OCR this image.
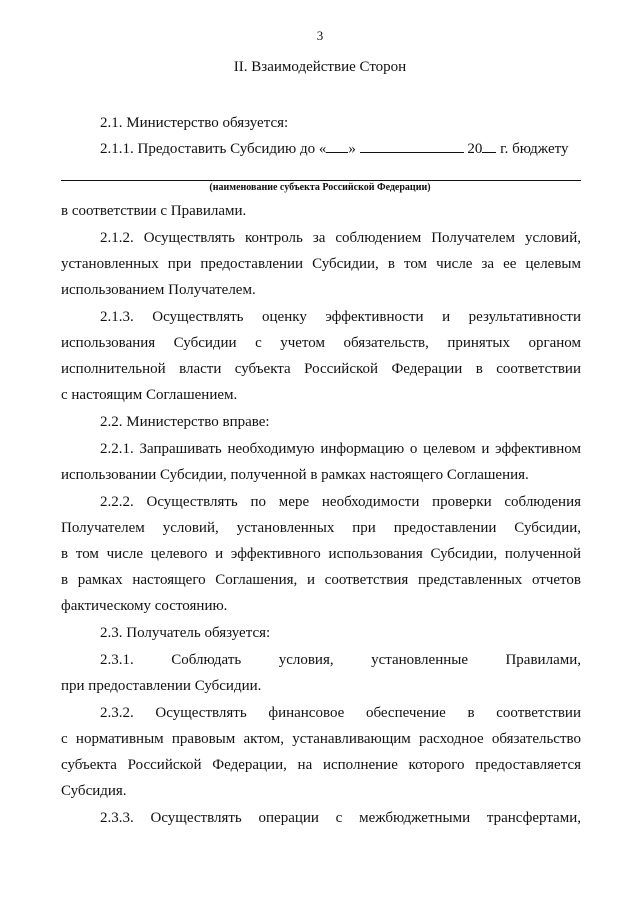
3
II. Взаимодействие Сторон
2.1. Министерство обязуется:
2.1.1. Предоставить Субсидию до « »	20 г. бюджету
(наименование субъекта Российской Федерации)
в соответствии с Правилами.
2.1.2. Осуществлять контроль за соблюдением Получателем условий,
установленных при предоставлении Субсидии, в том числе за ее целевым
использованием Получателем.
2.1.3. Осуществлять оценку эффективности и результативности
использования Субсидии с учетом обязательств, принятых органом
исполнительной власти субъекта Российской Федерации в соответствии
с настоящим Соглашением.
2.2. Министерство вправе:
2.2.1. Запрашивать необходимую информацию о целевом и эффективном
использовании Субсидии, полученной в рамках настоящего Соглашения.
2.2.2. Осуществлять по мере необходимости проверки соблюдения
Получателем условий, установленных при предоставлении Субсидии,
в том числе целевого и эффективного использования Субсидии, полученной
в рамках настоящего Соглашения, и соответствия представленных отчетов
фактическому состоянию.
2.3. Получатель обязуется:
2.3.1. Соблюдать условия, установленные Правилами,
при предоставлении Субсидии.
2.3.2. Осуществлять финансовое обеспечение в соответствии
с нормативным правовым актом, устанавливающим расходное обязательство
субъекта Российской Федерации, на исполнение которого предоставляется
Субсидия.
2.3.3. Осуществлять операции с межбюджетными трансфертами,
